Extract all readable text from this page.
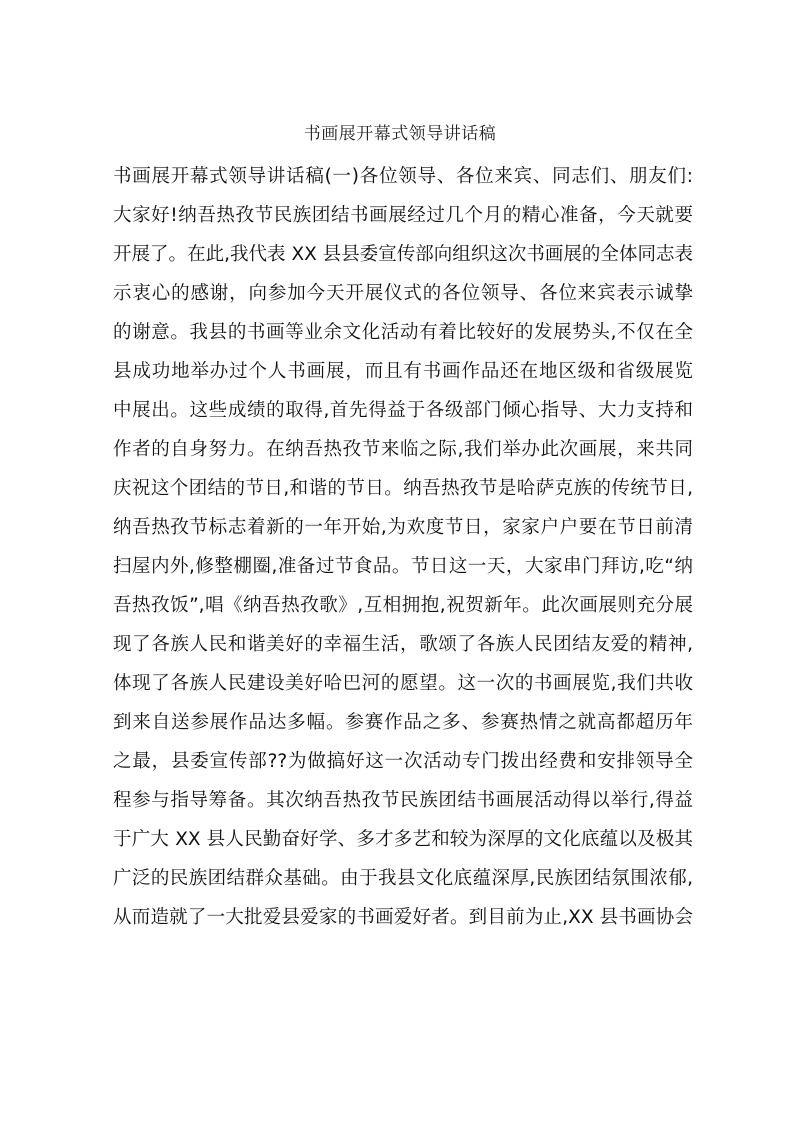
书画展开幕式领导讲话稿
书画展开幕式领导讲话稿(一)各位领导、各位来宾、同志们、朋友们:
大家好!纳吾热孜节民族团结书画展经过几个月的精心准备，今天就要
开展了。在此,我代表 XX 县县委宣传部向组织这次书画展的全体同志表
示衷心的感谢，向参加今天开展仪式的各位领导、各位来宾表示诚挚
的谢意。我县的书画等业余文化活动有着比较好的发展势头,不仅在全
县成功地举办过个人书画展，而且有书画作品还在地区级和省级展览
中展出。这些成绩的取得,首先得益于各级部门倾心指导、大力支持和
作者的自身努力。在纳吾热孜节来临之际,我们举办此次画展，来共同
庆祝这个团结的节日,和谐的节日。纳吾热孜节是哈萨克族的传统节日,
纳吾热孜节标志着新的一年开始,为欢度节日，家家户户要在节日前清
扫屋内外,修整棚圈,准备过节食品。节日这一天，大家串门拜访,吃“纳
吾热孜饭”,唱《纳吾热孜歌》,互相拥抱,祝贺新年。此次画展则充分展
现了各族人民和谐美好的幸福生活，歌颂了各族人民团结友爱的精神,
体现了各族人民建设美好哈巴河的愿望。这一次的书画展览,我们共收
到来自送参展作品达多幅。参赛作品之多、参赛热情之就高都超历年
之最，县委宣传部??为做搞好这一次活动专门拨出经费和安排领导全
程参与指导筹备。其次纳吾热孜节民族团结书画展活动得以举行,得益
于广大 XX 县人民勤奋好学、多才多艺和较为深厚的文化底蕴以及极其
广泛的民族团结群众基础。由于我县文化底蕴深厚,民族团结氛围浓郁,
从而造就了一大批爱县爱家的书画爱好者。到目前为止,XX 县书画协会
